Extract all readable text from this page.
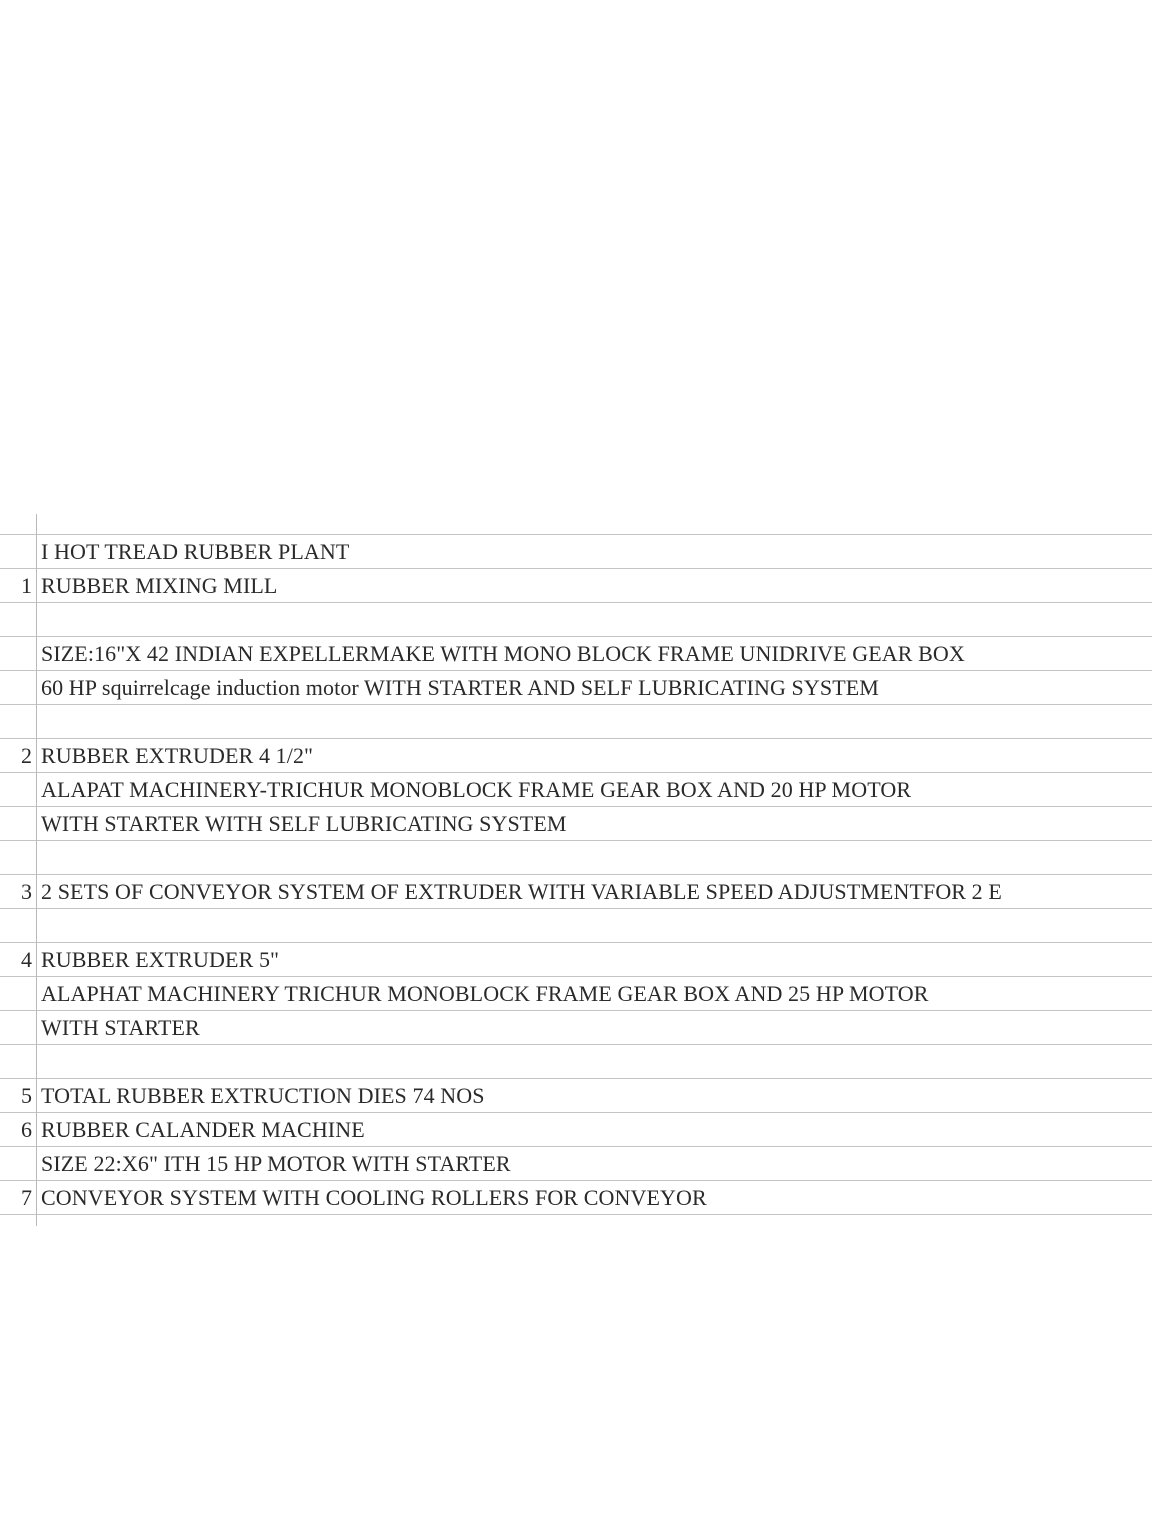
I HOT TREAD RUBBER PLANT
1 RUBBER MIXING MILL
SIZE:16"X 42 INDIAN EXPELLERMAKE WITH MONO BLOCK FRAME UNIDRIVE GEAR BOX
60 HP squirrelcage induction motor WITH STARTER AND SELF LUBRICATING SYSTEM
2 RUBBER EXTRUDER 4 1/2"
ALAPAT MACHINERY-TRICHUR MONOBLOCK FRAME GEAR BOX AND 20 HP MOTOR
WITH STARTER WITH SELF LUBRICATING SYSTEM
3 2 SETS OF CONVEYOR SYSTEM OF EXTRUDER WITH VARIABLE SPEED ADJUSTMENTFOR 2 E
4 RUBBER EXTRUDER 5"
ALAPHAT MACHINERY TRICHUR MONOBLOCK FRAME GEAR BOX AND 25 HP MOTOR
WITH STARTER
5 TOTAL RUBBER EXTRUCTION DIES 74 NOS
6 RUBBER CALANDER MACHINE
SIZE 22:X6" ITH 15 HP MOTOR WITH STARTER
7 CONVEYOR SYSTEM WITH COOLING ROLLERS FOR CONVEYOR
